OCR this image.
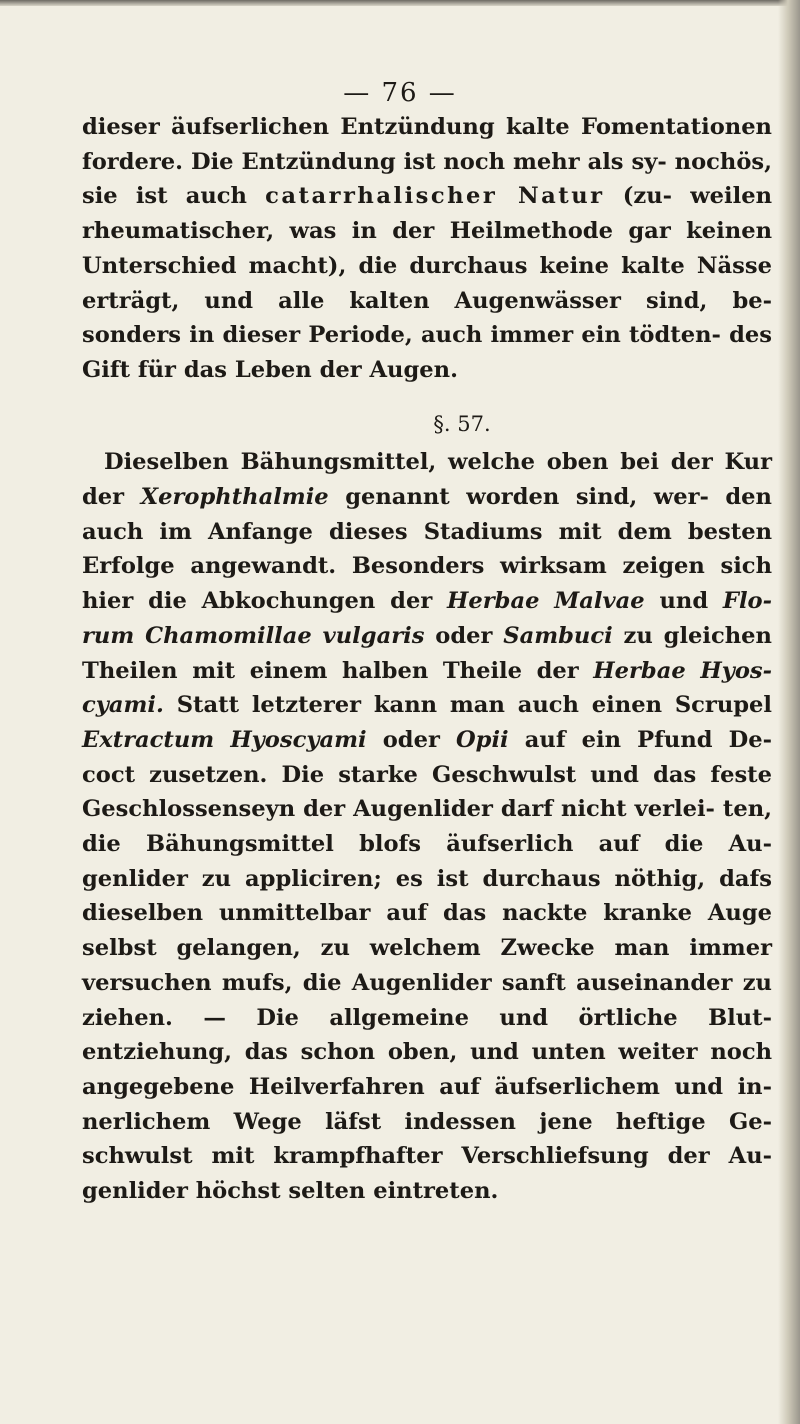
— 76 —

dieser äufserlichen Entzündung kalte Fomentationen fordere. Die Entzündung ist noch mehr als sy- nochös, sie ist auch catarrhalischer Natur (zu- weilen rheumatischer, was in der Heilmethode gar keinen Unterschied macht), die durchaus keine kalte Nässe erträgt, und alle kalten Augenwässer sind, be- sonders in dieser Periode, auch immer ein tödten- des Gift für das Leben der Augen.

§. 57.

Dieselben Bähungsmittel, welche oben bei der Kur der Xerophthalmie genannt worden sind, wer- den auch im Anfange dieses Stadiums mit dem besten Erfolge angewandt. Besonders wirksam zeigen sich hier die Abkochungen der Herbae Malvae und Flo- rum Chamomillae vulgaris oder Sambuci zu gleichen Theilen mit einem halben Theile der Herbae Hyos- cyami. Statt letzterer kann man auch einen Scrupel Extractum Hyoscyami oder Opii auf ein Pfund De- coct zusetzen. Die starke Geschwulst und das feste Geschlossenseyn der Augenlider darf nicht verlei- ten, die Bähungsmittel blofs äufserlich auf die Au- genlider zu appliciren; es ist durchaus nöthig, dafs dieselben unmittelbar auf das nackte kranke Auge selbst gelangen, zu welchem Zwecke man immer versuchen mufs, die Augenlider sanft auseinander zu ziehen. — Die allgemeine und örtliche Blut- entziehung, das schon oben, und unten weiter noch angegebene Heilverfahren auf äufserlichem und in- nerlichem Wege läfst indessen jene heftige Ge- schwulst mit krampfhafter Verschliefsung der Au- genlider höchst selten eintreten.
